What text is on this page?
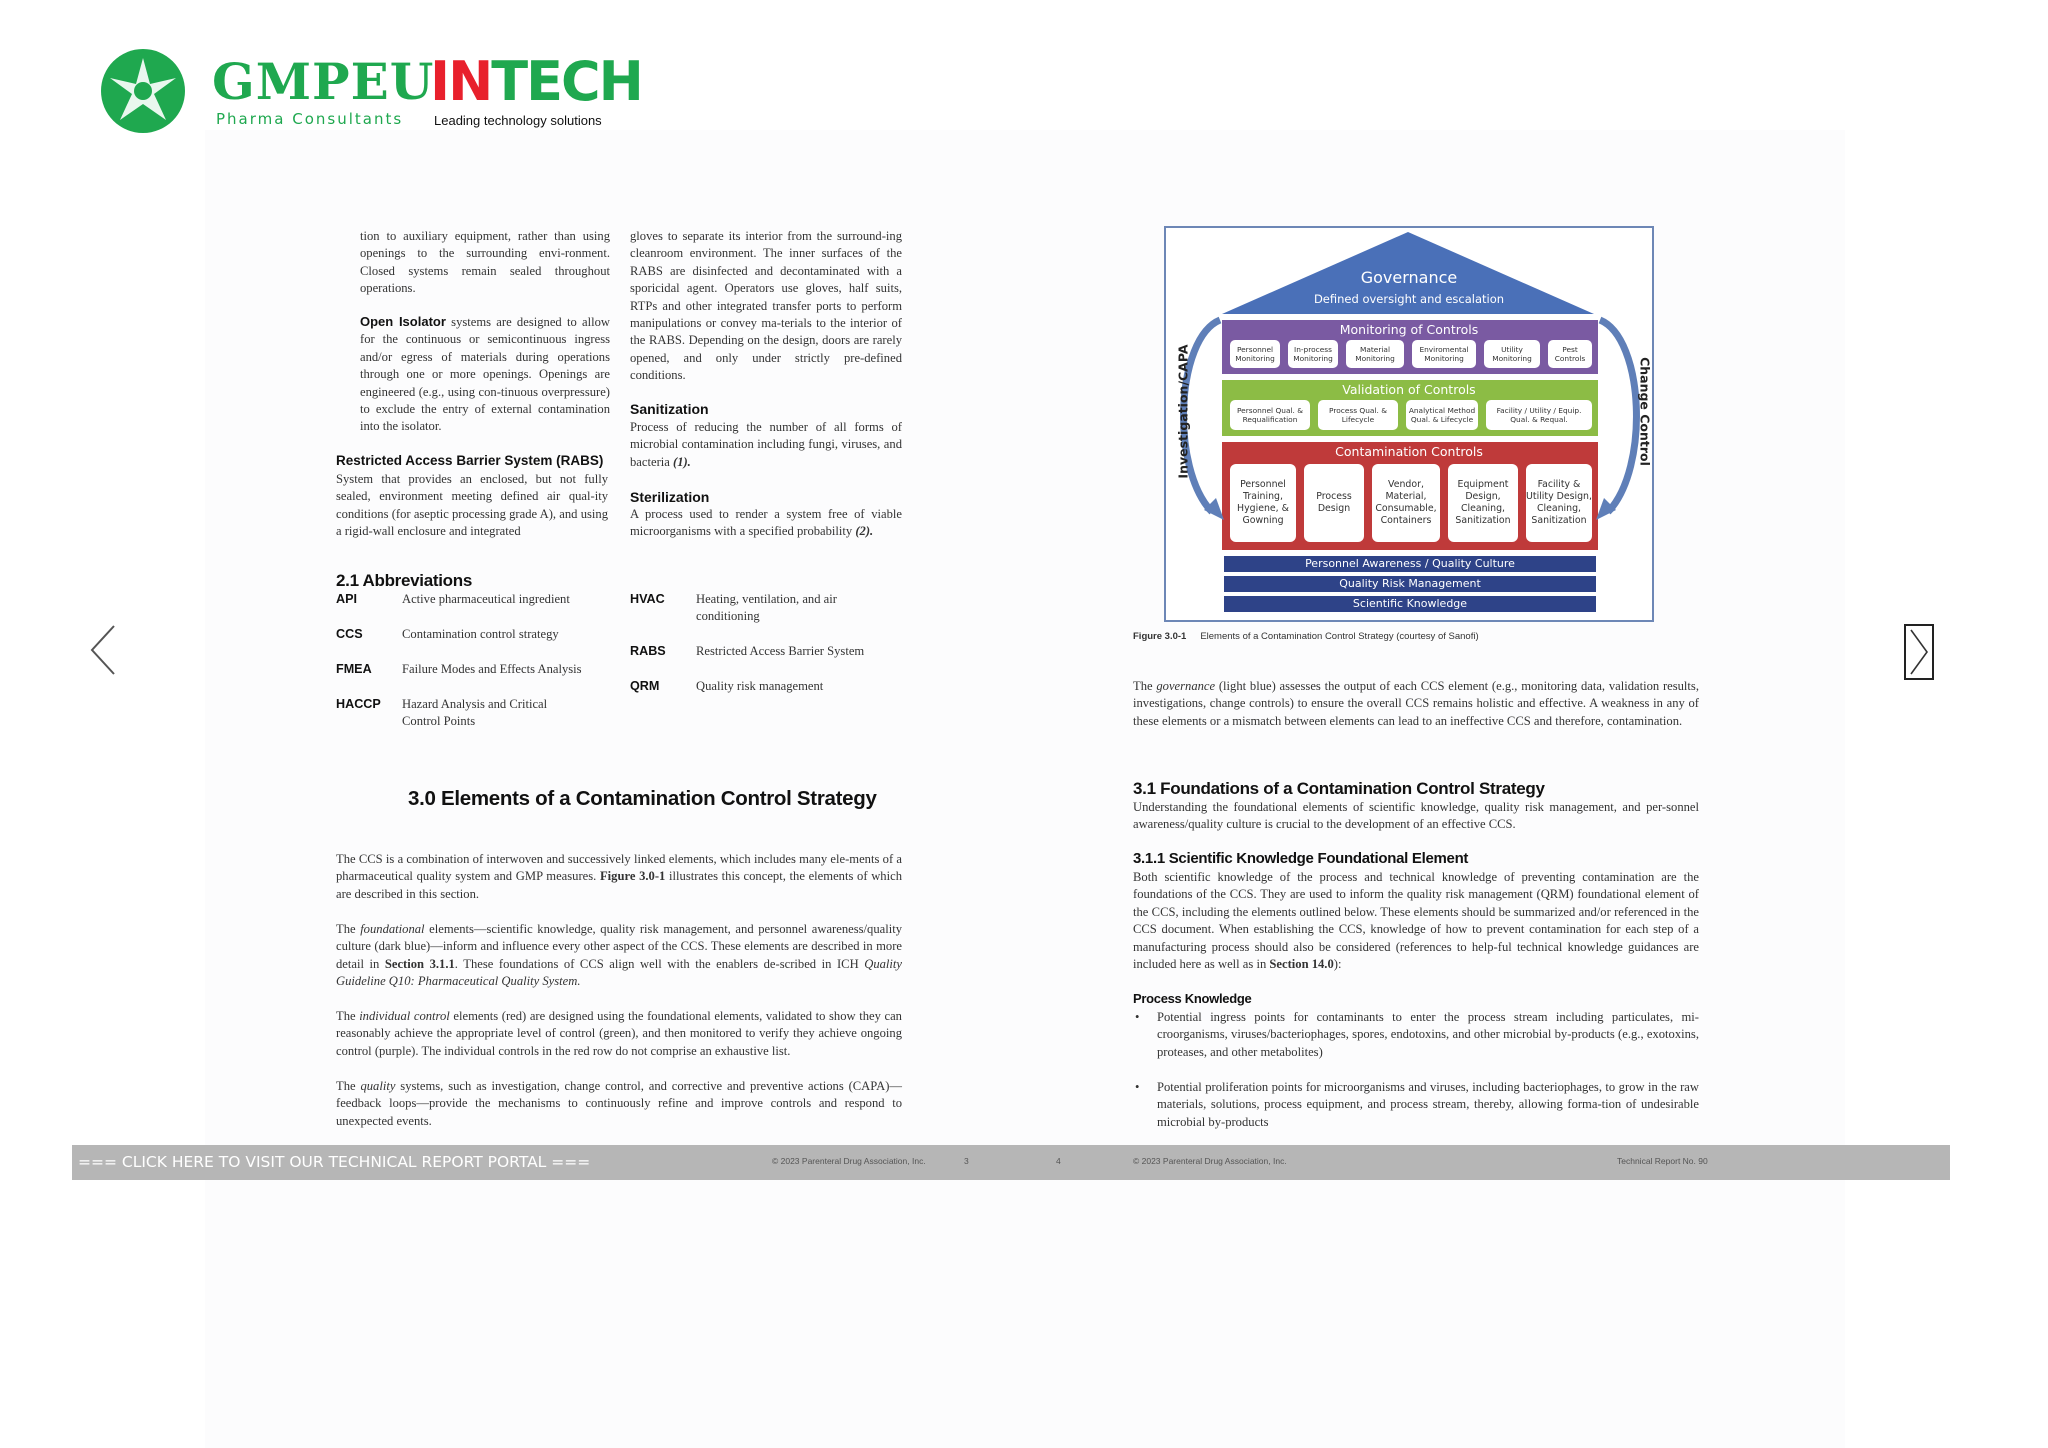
GMPEU
Pharma Consultants
INTECH
Leading technology solutions
tion to auxiliary equipment, rather than using openings to the surrounding envi-ronment. Closed systems remain sealed throughout operations.
Open Isolator systems are designed to allow for the continuous or semicontinuous ingress and/or egress of materials during operations through one or more openings. Openings are engineered (e.g., using con-tinuous overpressure) to exclude the entry of external contamination into the isolator.
Restricted Access Barrier System (RABS)
System that provides an enclosed, but not fully sealed, environment meeting defined air qual-ity conditions (for aseptic processing grade A), and using a rigid-wall enclosure and integrated
gloves to separate its interior from the surround-ing cleanroom environment. The inner surfaces of the RABS are disinfected and decontaminated with a sporicidal agent. Operators use gloves, half suits, RTPs and other integrated transfer ports to perform manipulations or convey ma-terials to the interior of the RABS. Depending on the design, doors are rarely opened, and only under strictly pre-defined conditions.
Sanitization
Process of reducing the number of all forms of microbial contamination including fungi, viruses, and bacteria (1).
Sterilization
A process used to render a system free of viable microorganisms with a specified probability (2).
2.1 Abbreviations
API	Active pharmaceutical ingredient
CCS	Contamination control strategy
FMEA	Failure Modes and Effects Analysis
HACCP	Hazard Analysis and Critical Control Points
HVAC	Heating, ventilation, and air conditioning
RABS	Restricted Access Barrier System
QRM	Quality risk management
3.0 Elements of a Contamination Control Strategy
The CCS is a combination of interwoven and successively linked elements, which includes many ele-ments of a pharmaceutical quality system and GMP measures. Figure 3.0-1 illustrates this concept, the elements of which are described in this section.
The foundational elements—scientific knowledge, quality risk management, and personnel awareness/quality culture (dark blue)—inform and influence every other aspect of the CCS. These elements are described in more detail in Section 3.1.1. These foundations of CCS align well with the enablers de-scribed in ICH Quality Guideline Q10: Pharmaceutical Quality System.
The individual control elements (red) are designed using the foundational elements, validated to show they can reasonably achieve the appropriate level of control (green), and then monitored to verify they achieve ongoing control (purple). The individual controls in the red row do not comprise an exhaustive list.
The quality systems, such as investigation, change control, and corrective and preventive actions (CAPA)—feedback loops—provide the mechanisms to continuously refine and improve controls and respond to unexpected events.
Governance
Defined oversight and escalation
Monitoring of Controls
Personnel Monitoring
In-process Monitoring
Material Monitoring
Enviromental Monitoring
Utility Monitoring
Pest Controls
Validation of Controls
Personnel Qual. & Requalification
Process Qual. & Lifecycle
Analytical Method Qual. & Lifecycle
Facility / Utility / Equip. Qual. & Requal.
Contamination Controls
Personnel Training, Hygiene, & Gowning
Process Design
Vendor, Material, Consumable, Containers
Equipment Design, Cleaning, Sanitization
Facility & Utility Design, Cleaning, Sanitization
Personnel Awareness / Quality Culture
Quality Risk Management
Scientific Knowledge
Investigation/CAPA	Change Control
Figure 3.0-1 Elements of a Contamination Control Strategy (courtesy of Sanofi)
The governance (light blue) assesses the output of each CCS element (e.g., monitoring data, validation results, investigations, change controls) to ensure the overall CCS remains holistic and effective. A weakness in any of these elements or a mismatch between elements can lead to an ineffective CCS and therefore, contamination.
3.1 Foundations of a Contamination Control Strategy
Understanding the foundational elements of scientific knowledge, quality risk management, and per-sonnel awareness/quality culture is crucial to the development of an effective CCS.
3.1.1 Scientific Knowledge Foundational Element
Both scientific knowledge of the process and technical knowledge of preventing contamination are the foundations of the CCS. They are used to inform the quality risk management (QRM) foundational element of the CCS, including the elements outlined below. These elements should be summarized and/or referenced in the CCS document. When establishing the CCS, knowledge of how to prevent contamination for each step of a manufacturing process should also be considered (references to help-ful technical knowledge guidances are included here as well as in Section 14.0):
Process Knowledge
• Potential ingress points for contaminants to enter the process stream including particulates, mi-croorganisms, viruses/bacteriophages, spores, endotoxins, and other microbial by-products (e.g., exotoxins, proteases, and other metabolites)
• Potential proliferation points for microorganisms and viruses, including bacteriophages, to grow in the raw materials, solutions, process equipment, and process stream, thereby, allowing forma-tion of undesirable microbial by-products
=== CLICK HERE TO VISIT OUR TECHNICAL REPORT PORTAL ===	© 2023 Parenteral Drug Association, Inc.	3	4	© 2023 Parenteral Drug Association, Inc.	Technical Report No. 90
